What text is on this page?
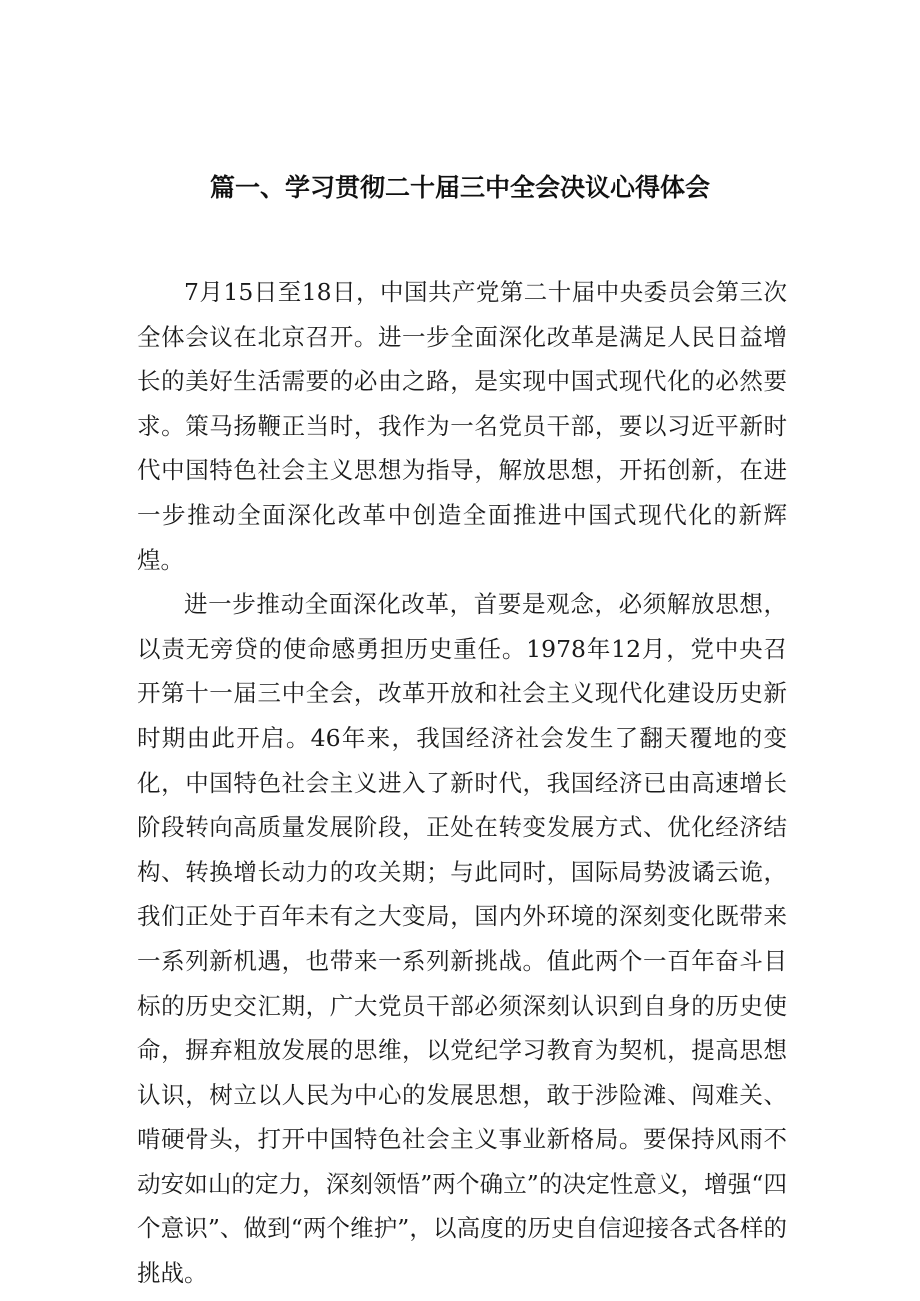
篇一、学习贯彻二十届三中全会决议心得体会

7月15日至18日，中国共产党第二十届中央委员会第三次全体会议在北京召开。进一步全面深化改革是满足人民日益增长的美好生活需要的必由之路，是实现中国式现代化的必然要求。策马扬鞭正当时，我作为一名党员干部，要以习近平新时代中国特色社会主义思想为指导，解放思想，开拓创新，在进一步推动全面深化改革中创造全面推进中国式现代化的新辉煌。

进一步推动全面深化改革，首要是观念，必须解放思想，以责无旁贷的使命感勇担历史重任。1978年12月，党中央召开第十一届三中全会，改革开放和社会主义现代化建设历史新时期由此开启。46年来，我国经济社会发生了翻天覆地的变化，中国特色社会主义进入了新时代，我国经济已由高速增长阶段转向高质量发展阶段，正处在转变发展方式、优化经济结构、转换增长动力的攻关期；与此同时，国际局势波谲云诡，我们正处于百年未有之大变局，国内外环境的深刻变化既带来一系列新机遇，也带来一系列新挑战。值此两个一百年奋斗目标的历史交汇期，广大党员干部必须深刻认识到自身的历史使命，摒弃粗放发展的思维，以党纪学习教育为契机，提高思想认识，树立以人民为中心的发展思想，敢于涉险滩、闯难关、啃硬骨头，打开中国特色社会主义事业新格局。要保持风雨不动安如山的定力，深刻领悟”两个确立”的决定性意义，增强“四个意识”、做到“两个维护”，以高度的历史自信迎接各式各样的挑战。
